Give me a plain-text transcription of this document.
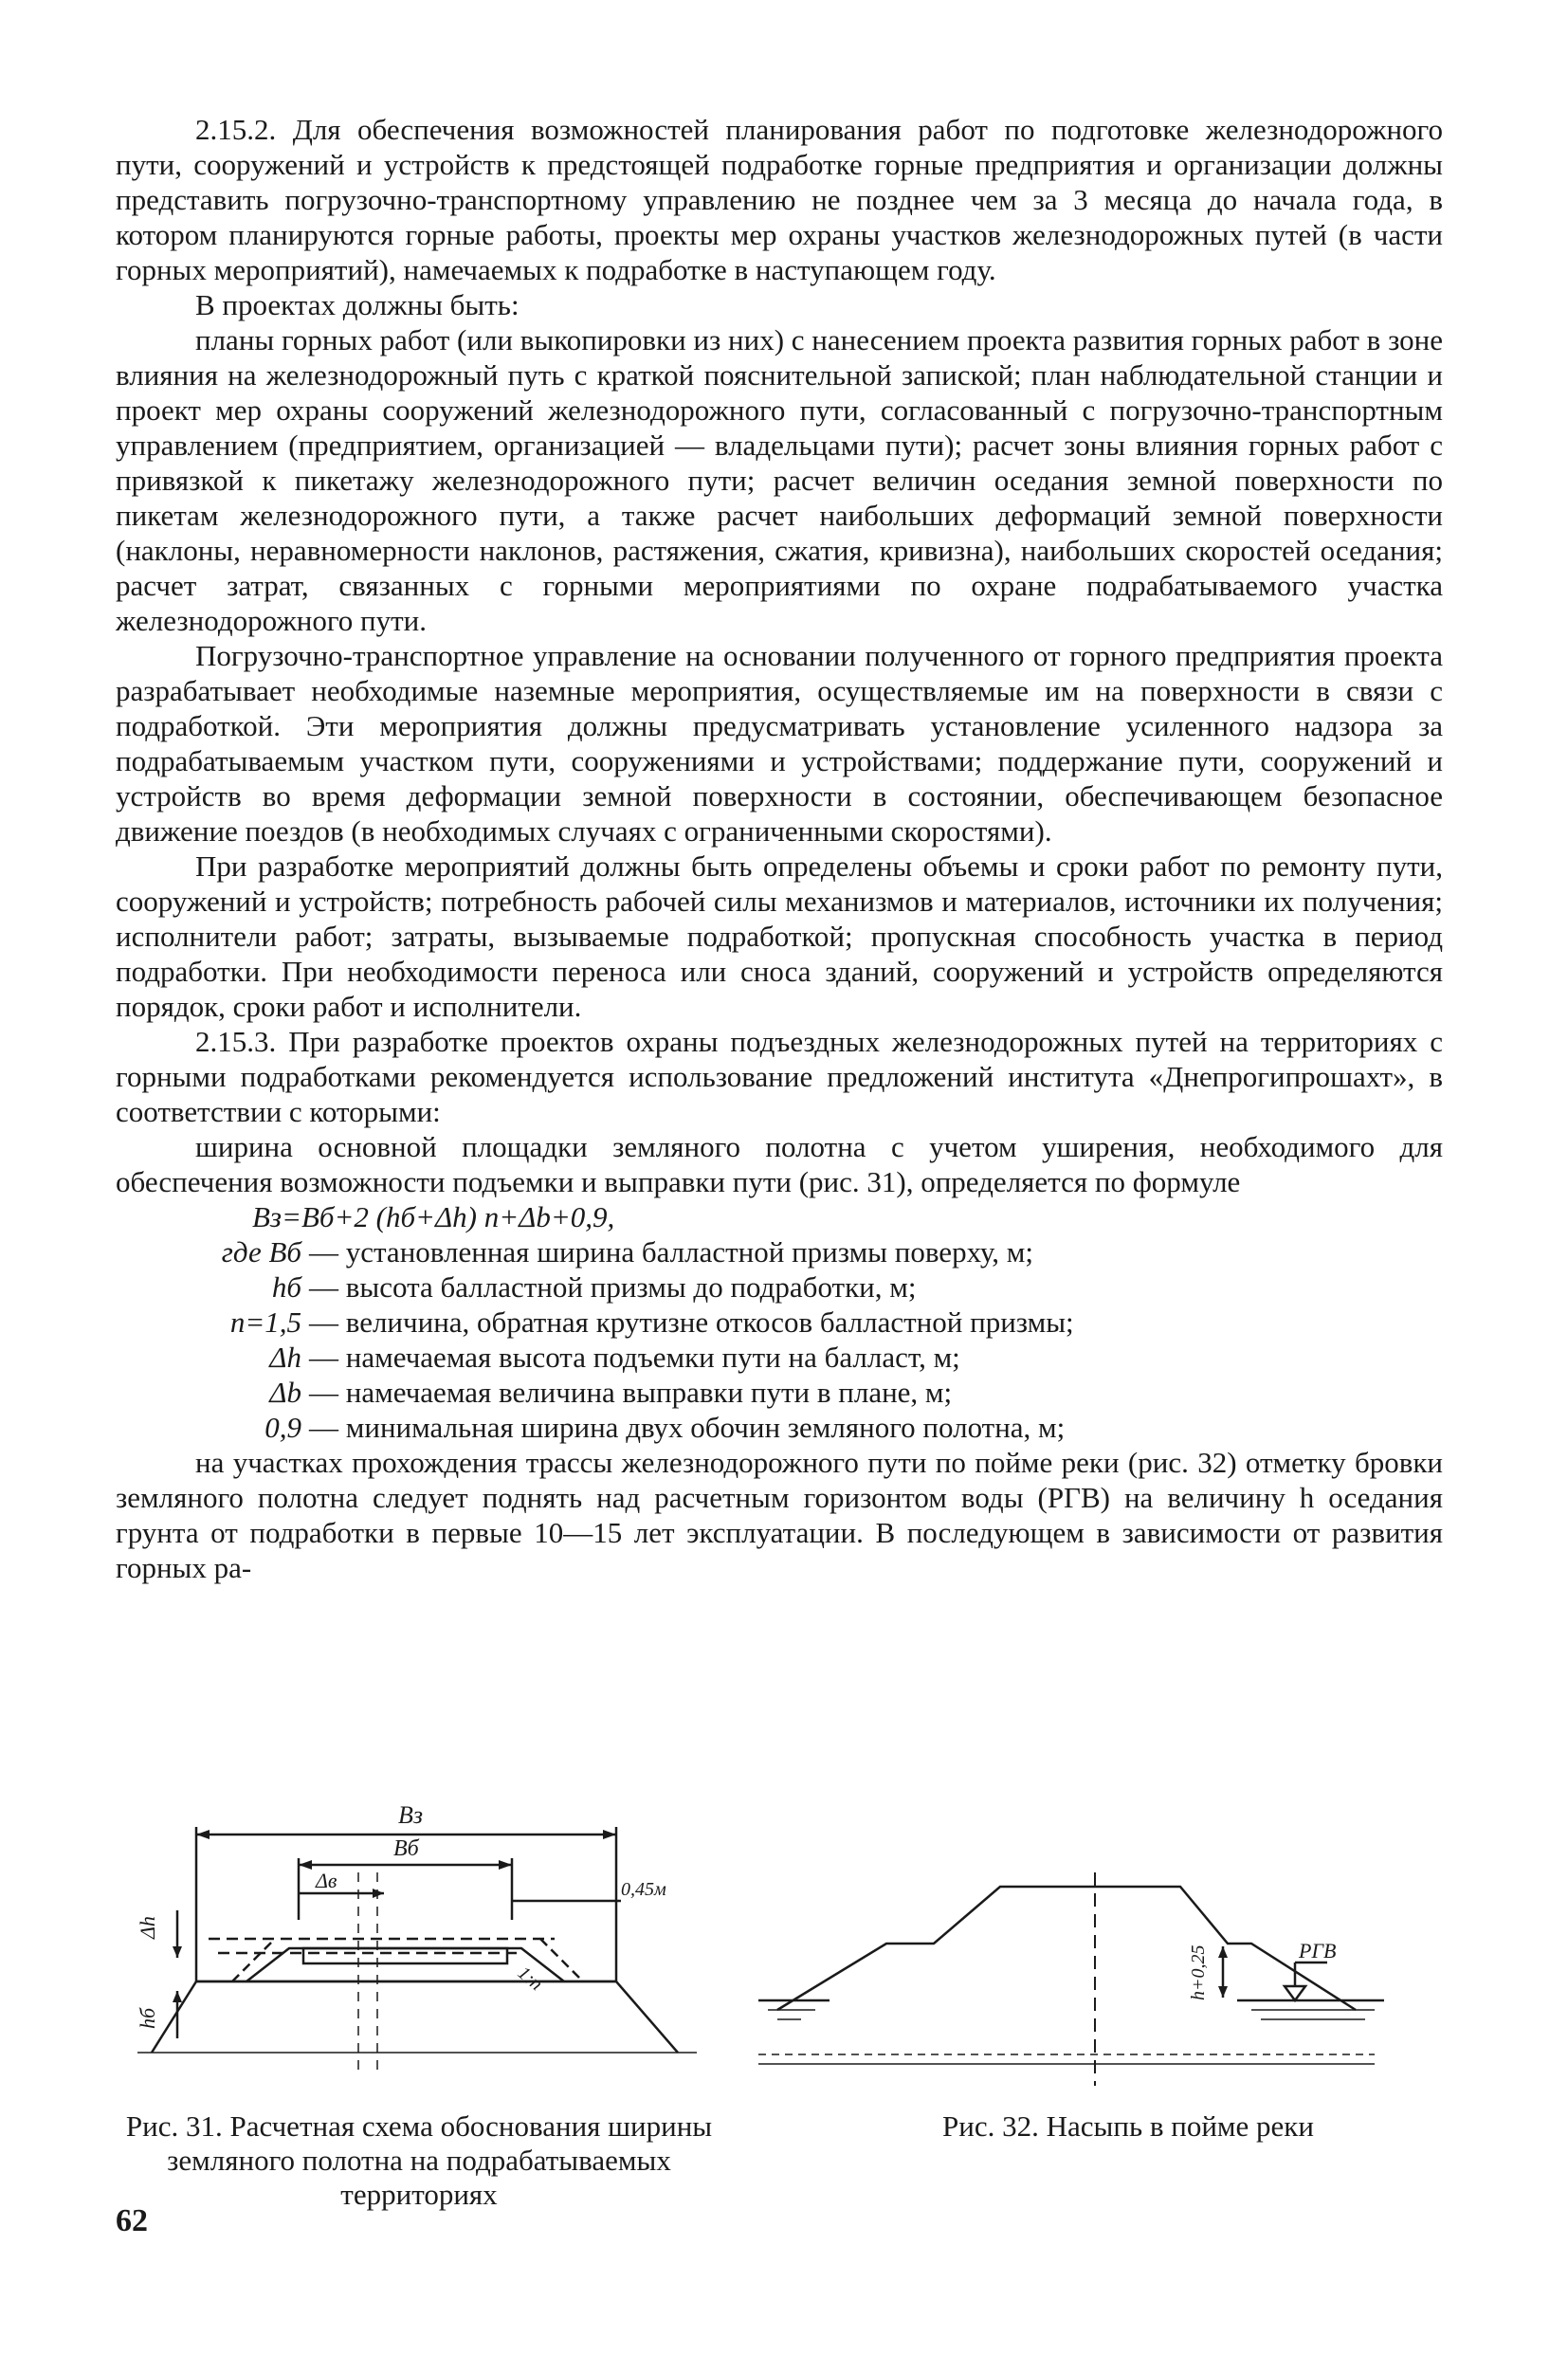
2.15.2. Для обеспечения возможностей планирования работ по подготовке железнодорожного пути, сооружений и устройств к предстоящей подработке горные предприятия и организации должны представить погрузочно-транспортному управлению не позднее чем за 3 месяца до начала года, в котором планируются горные работы, проекты мер охраны участков железнодорожных путей (в части горных мероприятий), намечаемых к подработке в наступающем году.

В проектах должны быть:

планы горных работ (или выкопировки из них) с нанесением проекта развития горных работ в зоне влияния на железнодорожный путь с краткой пояснительной запиской; план наблюдательной станции и проект мер охраны сооружений железнодорожного пути, согласованный с погрузочно-транспортным управлением (предприятием, организацией — владельцами пути); расчет зоны влияния горных работ с привязкой к пикетажу железнодорожного пути; расчет величин оседания земной поверхности по пикетам железнодорожного пути, а также расчет наибольших деформаций земной поверхности (наклоны, неравномерности наклонов, растяжения, сжатия, кривизна), наибольших скоростей оседания; расчет затрат, связанных с горными мероприятиями по охране подрабатываемого участка железнодорожного пути.

Погрузочно-транспортное управление на основании полученного от горного предприятия проекта разрабатывает необходимые наземные мероприятия, осуществляемые им на поверхности в связи с подработкой. Эти мероприятия должны предусматривать установление усиленного надзора за подрабатываемым участком пути, сооружениями и устройствами; поддержание пути, сооружений и устройств во время деформации земной поверхности в состоянии, обеспечивающем безопасное движение поездов (в необходимых случаях с ограниченными скоростями).

При разработке мероприятий должны быть определены объемы и сроки работ по ремонту пути, сооружений и устройств; потребность рабочей силы механизмов и материалов, источники их получения; исполнители работ; затраты, вызываемые подработкой; пропускная способность участка в период подработки. При необходимости переноса или сноса зданий, сооружений и устройств определяются порядок, сроки работ и исполнители.

2.15.3. При разработке проектов охраны подъездных железнодорожных путей на территориях с горными подработками рекомендуется использование предложений института «Днепрогипрошахт», в соответствии с которыми:

ширина основной площадки земляного полотна с учетом уширения, необходимого для обеспечения возможности подъемки и выправки пути (рис. 31), определяется по формуле

Bз=Bб+2 (hб+Δh) n+Δb+0,9,

где Bб — установленная ширина балластной призмы поверху, м;
hб — высота балластной призмы до подработки, м;
n=1,5 — величина, обратная крутизне откосов балластной призмы;
Δh — намечаемая высота подъемки пути на балласт, м;
Δb — намечаемая величина выправки пути в плане, м;
0,9 — минимальная ширина двух обочин земляного полотна, м;

на участках прохождения трассы железнодорожного пути по пойме реки (рис. 32) отметку бровки земляного полотна следует поднять над расчетным горизонтом воды (РГВ) на величину h оседания грунта от подработки в первые 10—15 лет эксплуатации. В последующем в зависимости от развития горных ра-

Bз
Bб
Δв	0,45м
1:n
Δh
hб
h+0,25	РГВ
Рис. 31. Расчетная схема обоснования ширины земляного полотна на подрабатываемых территориях
Рис. 32. Насыпь в пойме реки
62
